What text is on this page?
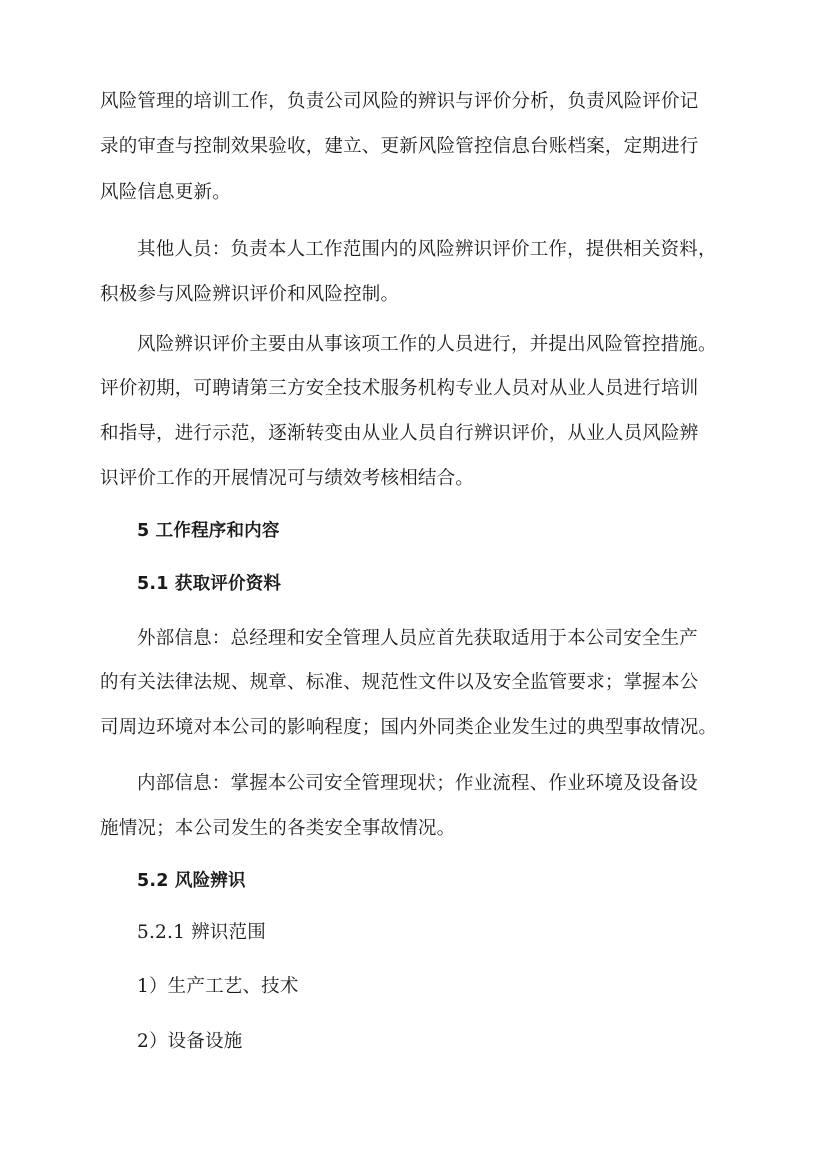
风险管理的培训工作，负责公司风险的辨识与评价分析，负责风险评价记
录的审查与控制效果验收，建立、更新风险管控信息台账档案，定期进行
风险信息更新。
其他人员：负责本人工作范围内的风险辨识评价工作，提供相关资料，
积极参与风险辨识评价和风险控制。
风险辨识评价主要由从事该项工作的人员进行，并提出风险管控措施。
评价初期，可聘请第三方安全技术服务机构专业人员对从业人员进行培训
和指导，进行示范，逐渐转变由从业人员自行辨识评价，从业人员风险辨
识评价工作的开展情况可与绩效考核相结合。
5 工作程序和内容
5.1 获取评价资料
外部信息：总经理和安全管理人员应首先获取适用于本公司安全生产
的有关法律法规、规章、标准、规范性文件以及安全监管要求；掌握本公
司周边环境对本公司的影响程度；国内外同类企业发生过的典型事故情况。
内部信息：掌握本公司安全管理现状；作业流程、作业环境及设备设
施情况；本公司发生的各类安全事故情况。
5.2 风险辨识
5.2.1 辨识范围
1）生产工艺、技术
2）设备设施
